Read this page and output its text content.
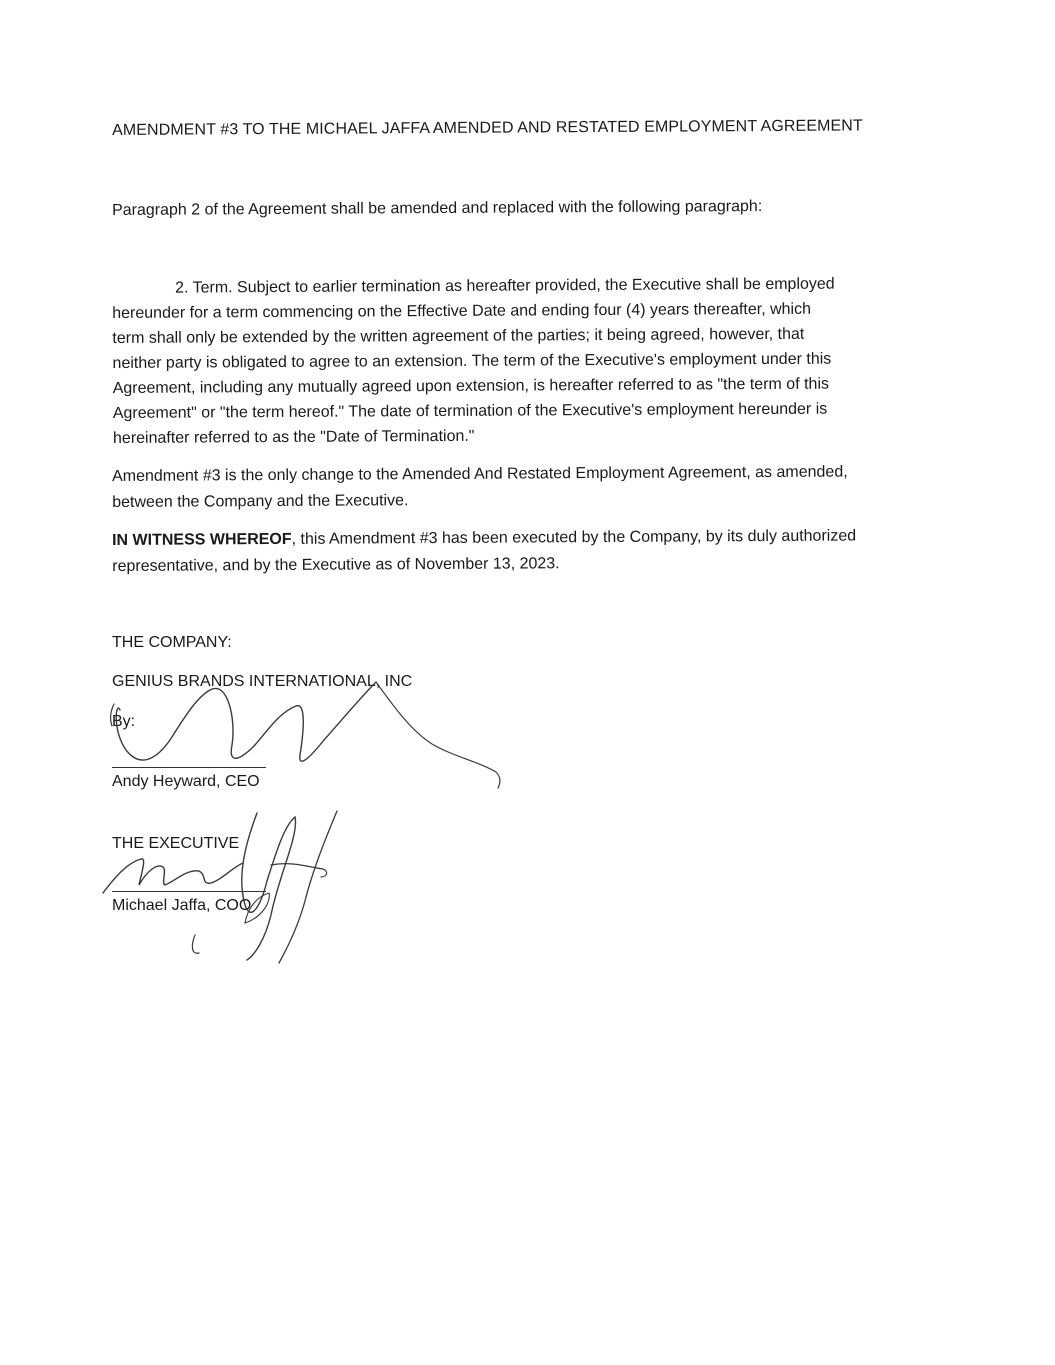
AMENDMENT #3 TO THE MICHAEL JAFFA AMENDED AND RESTATED EMPLOYMENT AGREEMENT
Paragraph 2 of the Agreement shall be amended and replaced with the following paragraph:
2. Term. Subject to earlier termination as hereafter provided, the Executive shall be employed
hereunder for a term commencing on the Effective Date and ending four (4) years thereafter, which
term shall only be extended by the written agreement of the parties; it being agreed, however, that
neither party is obligated to agree to an extension. The term of the Executive's employment under this
Agreement, including any mutually agreed upon extension, is hereafter referred to as "the term of this
Agreement" or "the term hereof." The date of termination of the Executive's employment hereunder is
hereinafter referred to as the "Date of Termination."
Amendment #3 is the only change to the Amended And Restated Employment Agreement, as amended,
between the Company and the Executive.
IN WITNESS WHEREOF, this Amendment #3 has been executed by the Company, by its duly authorized
representative, and by the Executive as of November 13, 2023.
THE COMPANY:
GENIUS BRANDS INTERNATIONAL, INC
By:
Andy Heyward, CEO
THE EXECUTIVE
Michael Jaffa, COO
